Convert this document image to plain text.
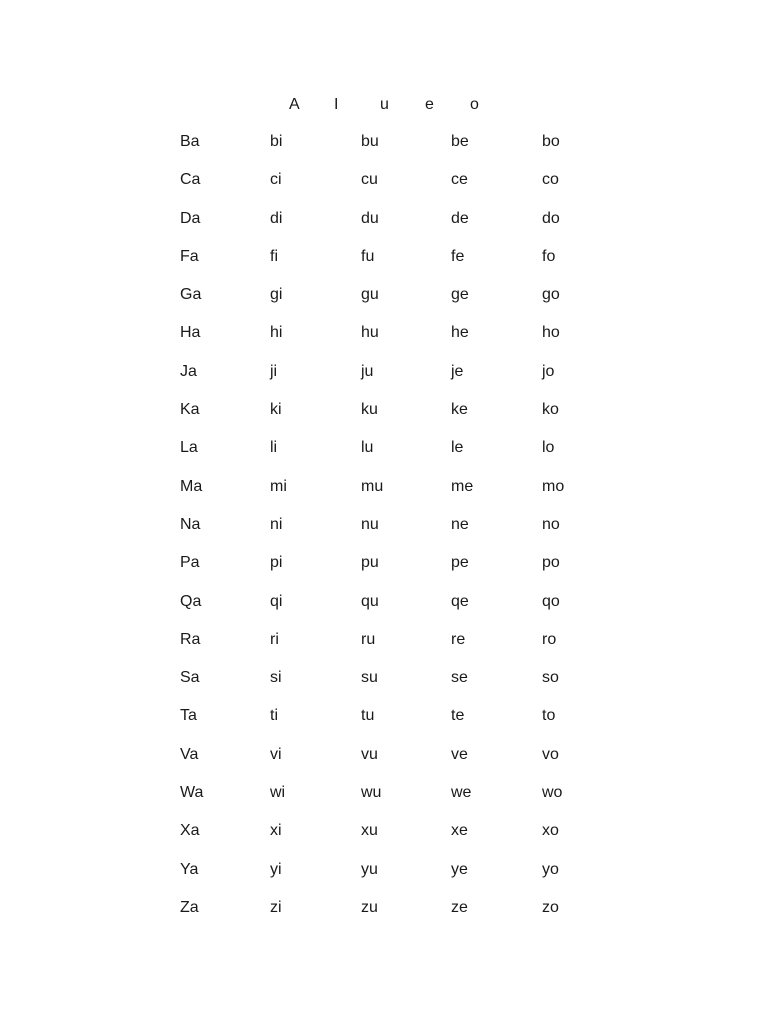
A I	u e o
Ba	bi	bu	be	bo
Ca	ci	cu	ce	co
Da	di	du	de	do
Fa	fi	fu	fe	fo
Ga	gi	gu	ge	go
Ha	hi	hu	he	ho
Ja	ji	ju	je	jo
Ka	ki	ku	ke	ko
La	li	lu	le	lo
Ma	mi	mu	me	mo
Na	ni	nu	ne	no
Pa	pi	pu	pe	po
Qa	qi	qu	qe	qo
Ra	ri	ru	re	ro
Sa	si	su	se	so
Ta	ti	tu	te	to
Va	vi	vu	ve	vo
Wa	wi	wu	we	wo
Xa	xi	xu	xe	xo
Ya	yi	yu	ye	yo
Za	zi	zu	ze	zo
